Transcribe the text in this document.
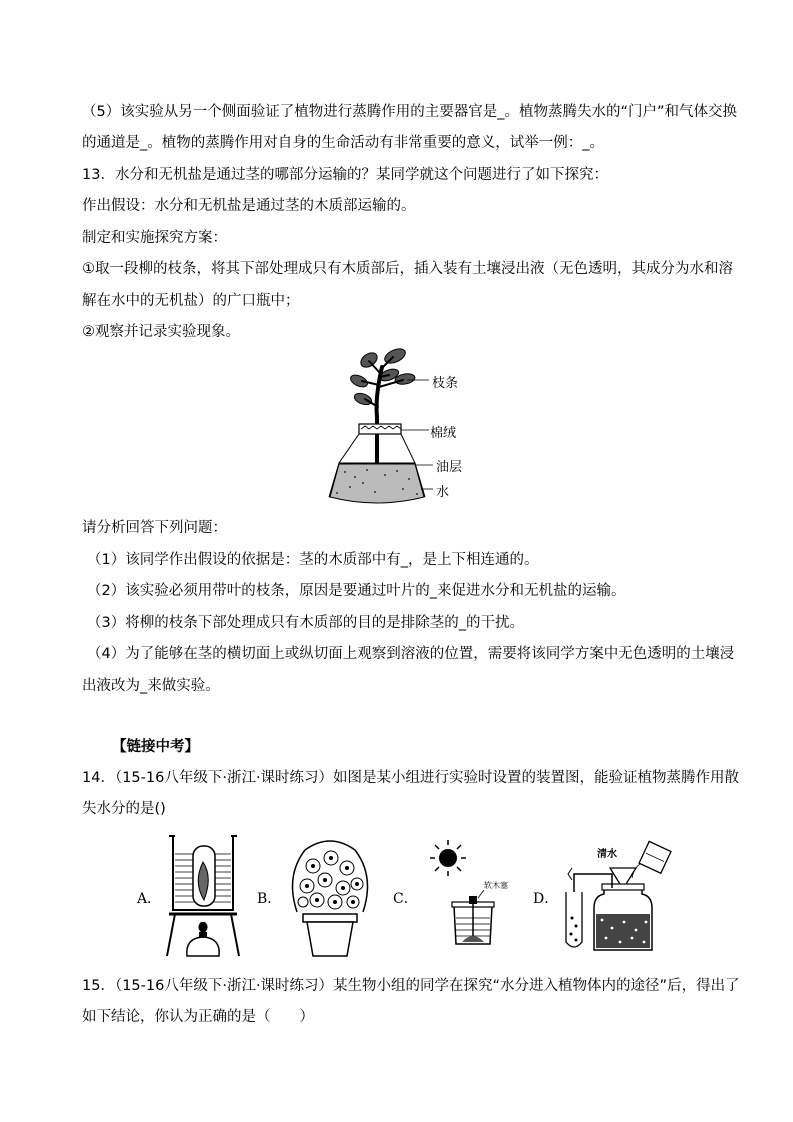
（5）该实验从另一个侧面验证了植物进行蒸腾作用的主要器官是_。植物蒸腾失水的“门户”和气体交换
的通道是_。植物的蒸腾作用对自身的生命活动有非常重要的意义，试举一例：_。
13．水分和无机盐是通过茎的哪部分运输的？某同学就这个问题进行了如下探究：
作出假设：水分和无机盐是通过茎的木质部运输的。
制定和实施探究方案：
①取一段柳的枝条，将其下部处理成只有木质部后，插入装有土壤浸出液（无色透明，其成分为水和溶
解在水中的无机盐）的广口瓶中；
②观察并记录实验现象。
枝条
棉绒
油层
水
请分析回答下列问题：
（1）该同学作出假设的依据是：茎的木质部中有_，是上下相连通的。
（2）该实验必须用带叶的枝条，原因是要通过叶片的_来促进水分和无机盐的运输。
（3）将柳的枝条下部处理成只有木质部的目的是排除茎的_的干扰。
（4）为了能够在茎的横切面上或纵切面上观察到溶液的位置，需要将该同学方案中无色透明的土壤浸
出液改为_来做实验。
【链接中考】
14．（15-16八年级下·浙江·课时练习）如图是某小组进行实验时设置的装置图，能验证植物蒸腾作用散
失水分的是()
A．	B．	C．
软木塞
D．
清水
15．（15-16八年级下·浙江·课时练习）某生物小组的同学在探究“水分进入植物体内的途径”后，得出了
如下结论，你认为正确的是（　　）
